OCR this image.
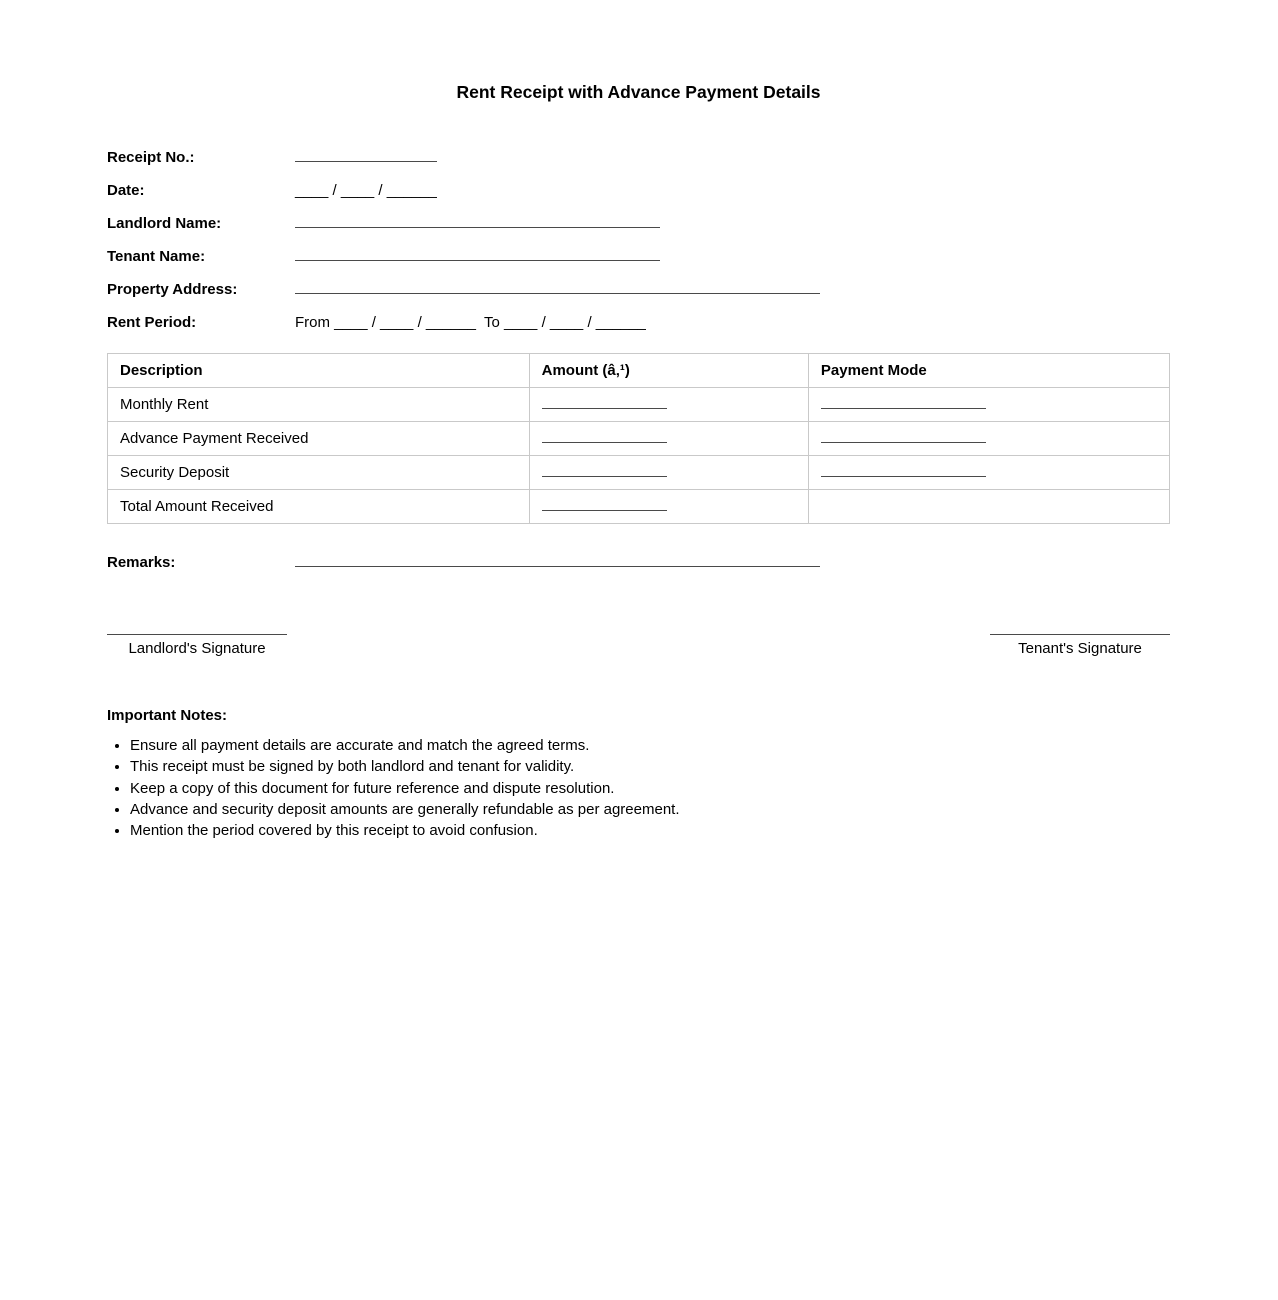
Rent Receipt with Advance Payment Details
Receipt No.:
Date:	____ / ____ / ______
Landlord Name:
Tenant Name:
Property Address:
Rent Period:	From ____ / ____ / ______  To ____ / ____ / ______
Description	Amount (â‚¹)	Payment Mode
Monthly Rent		
Advance Payment Received		
Security Deposit		
Total Amount Received		
Remarks:
Landlord's Signature	Tenant's Signature
Important Notes:
• Ensure all payment details are accurate and match the agreed terms.
• This receipt must be signed by both landlord and tenant for validity.
• Keep a copy of this document for future reference and dispute resolution.
• Advance and security deposit amounts are generally refundable as per agreement.
• Mention the period covered by this receipt to avoid confusion.
